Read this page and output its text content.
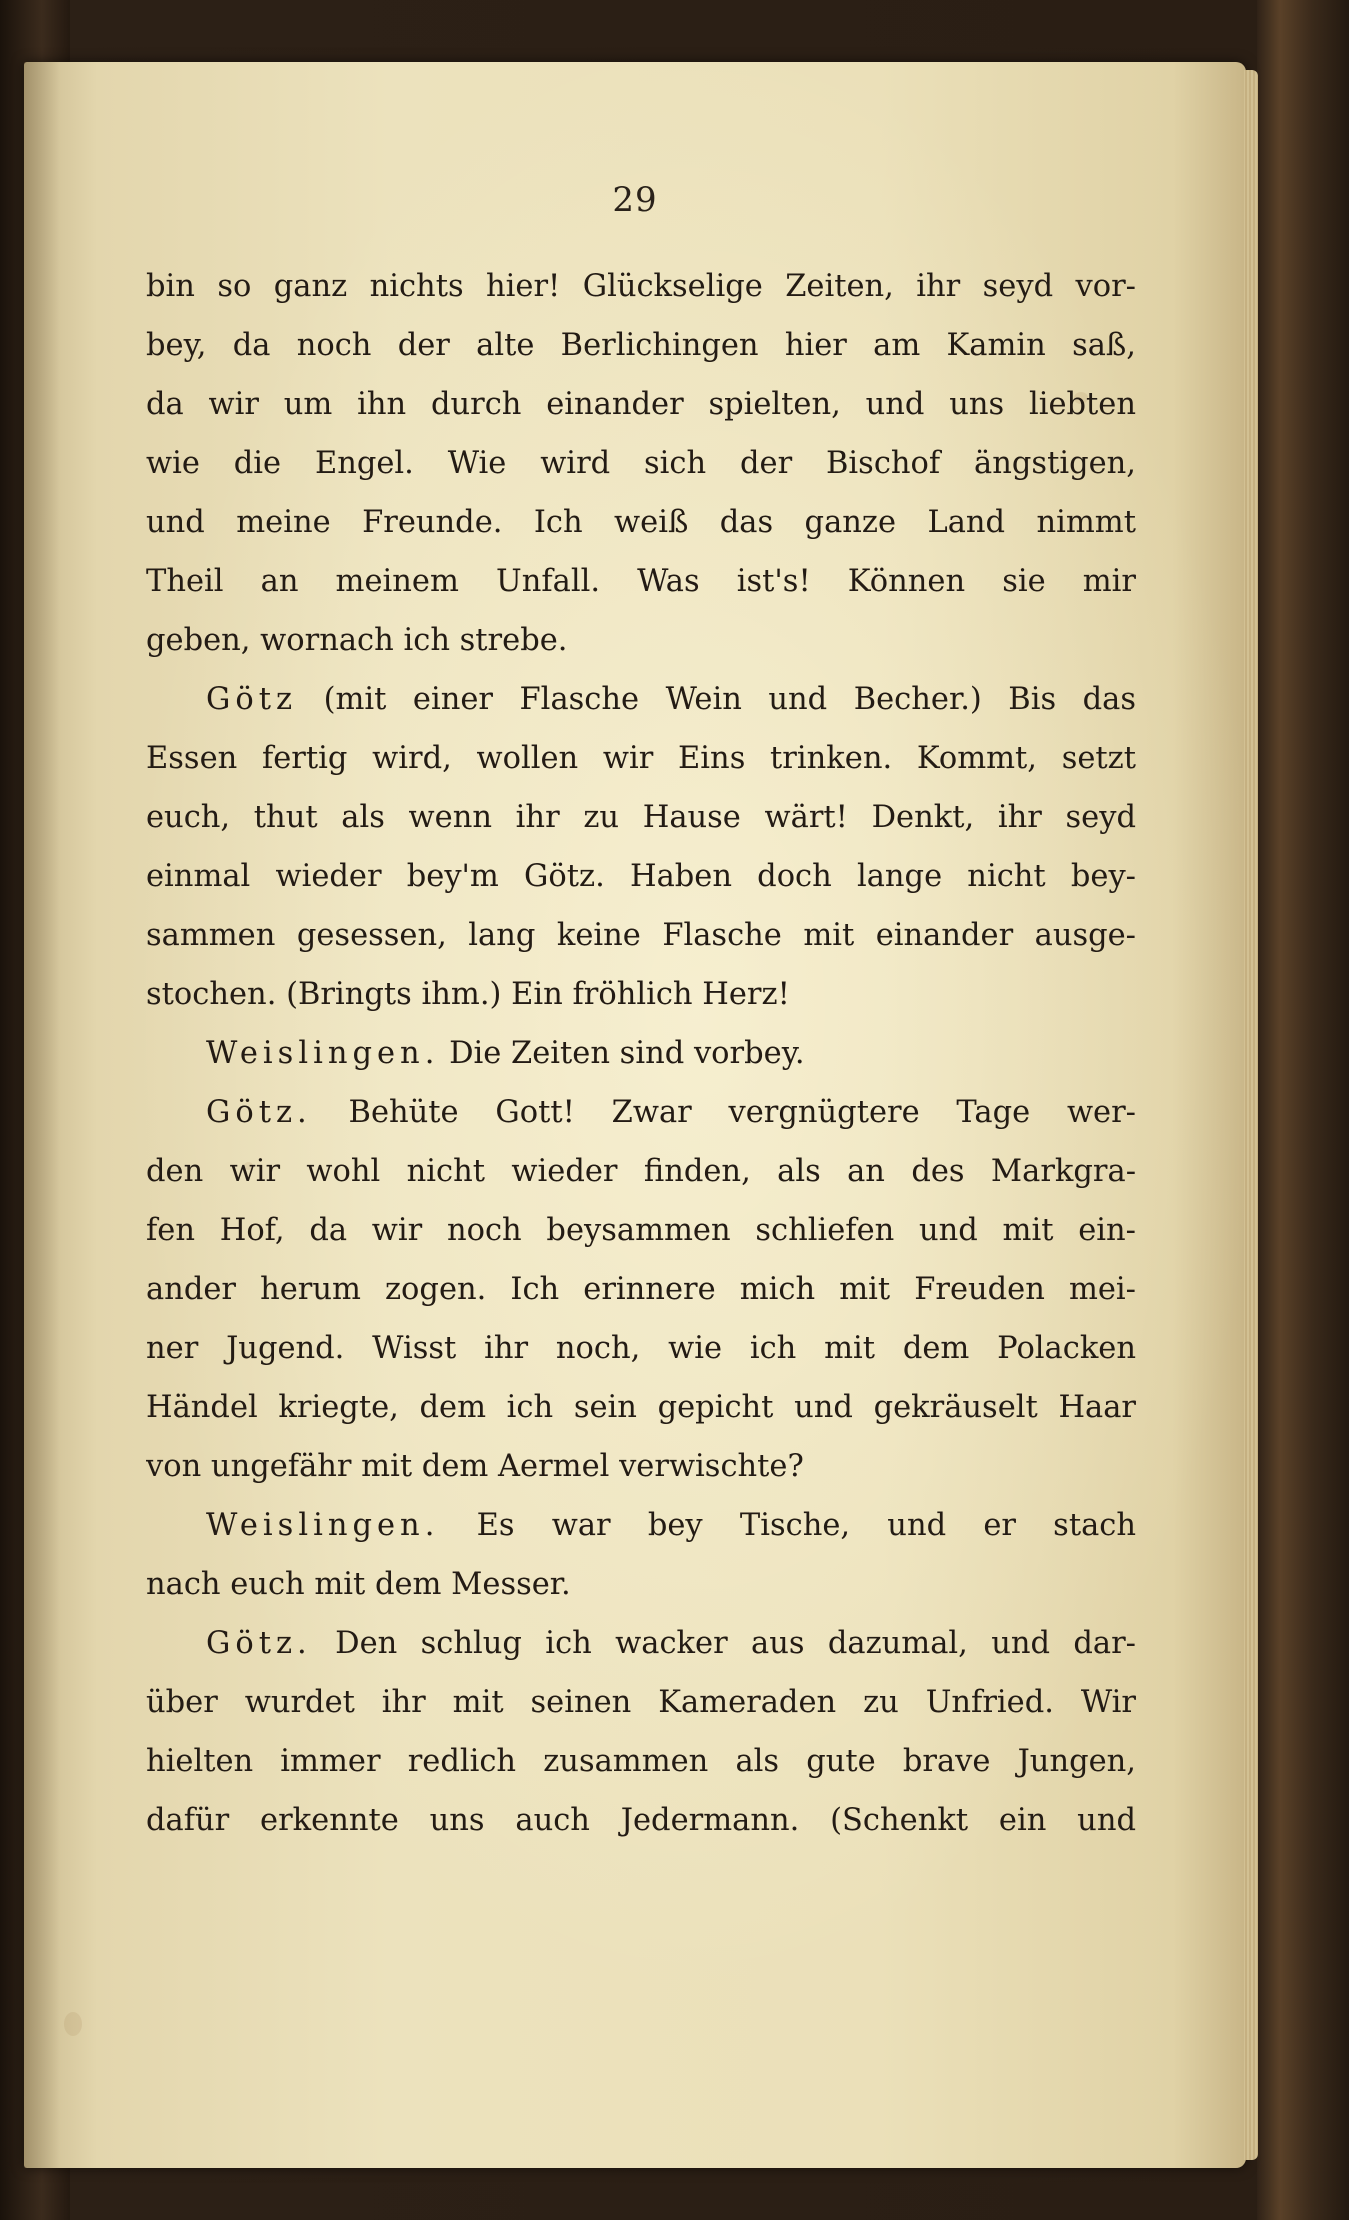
29
bin so ganz nichts hier! Glückselige Zeiten, ihr seyd vor-
bey, da noch der alte Berlichingen hier am Kamin saß,
da wir um ihn durch einander spielten, und uns liebten
wie die Engel. Wie wird sich der Bischof ängstigen,
und meine Freunde. Ich weiß das ganze Land nimmt
Theil an meinem Unfall. Was ist's! Können sie mir
geben, wornach ich strebe.
Götz (mit einer Flasche Wein und Becher.) Bis das
Essen fertig wird, wollen wir Eins trinken. Kommt, setzt
euch, thut als wenn ihr zu Hause wärt! Denkt, ihr seyd
einmal wieder bey'm Götz. Haben doch lange nicht bey-
sammen gesessen, lang keine Flasche mit einander ausge-
stochen. (Bringts ihm.) Ein fröhlich Herz!
Weislingen. Die Zeiten sind vorbey.
Götz. Behüte Gott! Zwar vergnügtere Tage wer-
den wir wohl nicht wieder finden, als an des Markgra-
fen Hof, da wir noch beysammen schliefen und mit ein-
ander herum zogen. Ich erinnere mich mit Freuden mei-
ner Jugend. Wisst ihr noch, wie ich mit dem Polacken
Händel kriegte, dem ich sein gepicht und gekräuselt Haar
von ungefähr mit dem Aermel verwischte?
Weislingen. Es war bey Tische, und er stach
nach euch mit dem Messer.
Götz. Den schlug ich wacker aus dazumal, und dar-
über wurdet ihr mit seinen Kameraden zu Unfried. Wir
hielten immer redlich zusammen als gute brave Jungen,
dafür erkennte uns auch Jedermann. (Schenkt ein und
